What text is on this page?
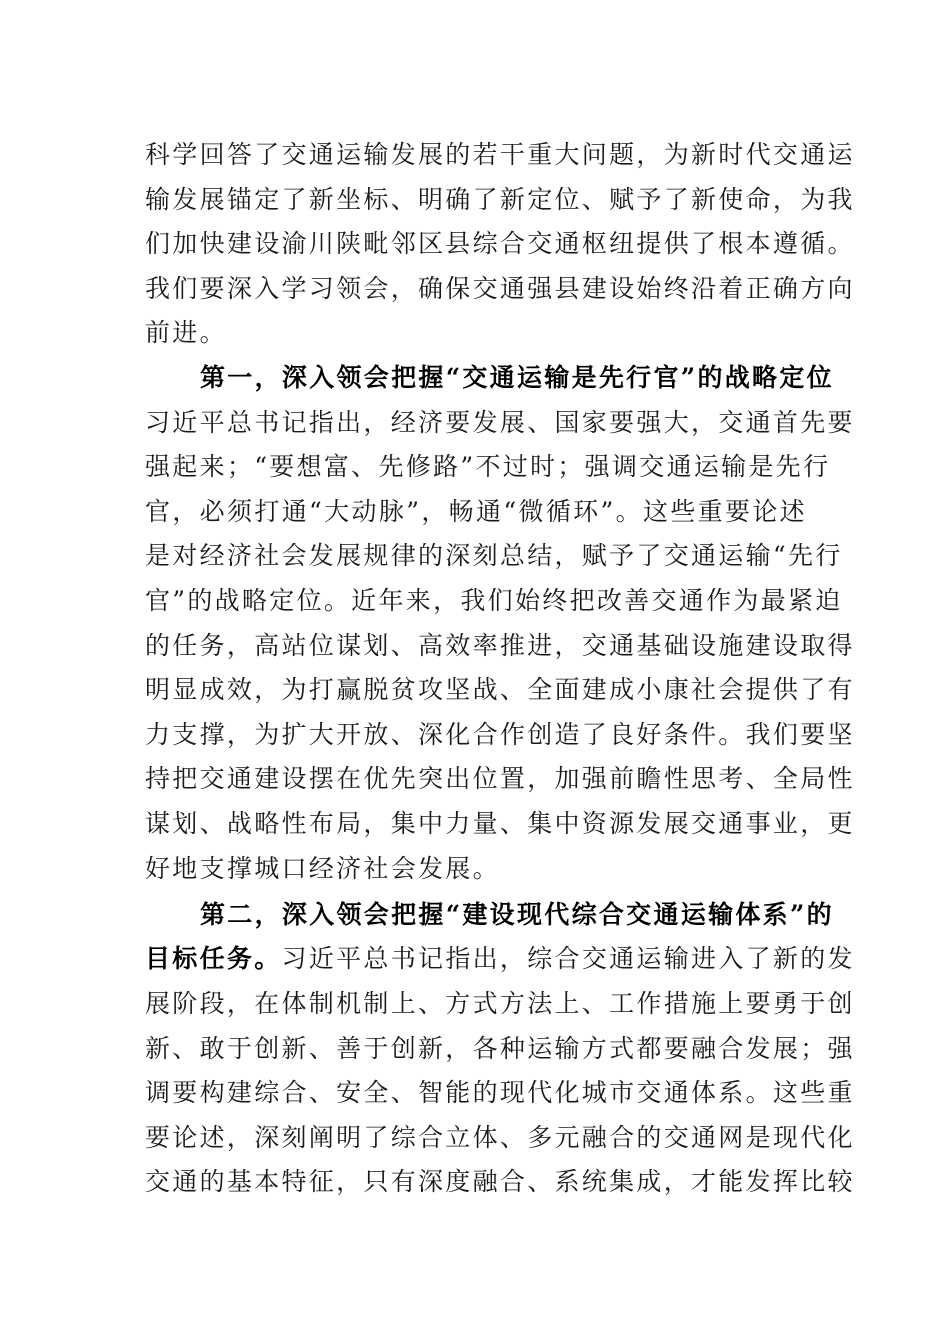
科学回答了交通运输发展的若干重大问题，为新时代交通运
输发展锚定了新坐标、明确了新定位、赋予了新使命，为我
们加快建设渝川陕毗邻区县综合交通枢纽提供了根本遵循。
我们要深入学习领会，确保交通强县建设始终沿着正确方向
前进。
第一，深入领会把握“交通运输是先行官”的战略定位
习近平总书记指出，经济要发展、国家要强大，交通首先要
强起来；“要想富、先修路”不过时；强调交通运输是先行
官，必须打通“大动脉”，畅通“微循环”。这些重要论述
是对经济社会发展规律的深刻总结，赋予了交通运输“先行
官”的战略定位。近年来，我们始终把改善交通作为最紧迫
的任务，高站位谋划、高效率推进，交通基础设施建设取得
明显成效，为打赢脱贫攻坚战、全面建成小康社会提供了有
力支撑，为扩大开放、深化合作创造了良好条件。我们要坚
持把交通建设摆在优先突出位置，加强前瞻性思考、全局性
谋划、战略性布局，集中力量、集中资源发展交通事业，更
好地支撑城口经济社会发展。
第二，深入领会把握“建设现代综合交通运输体系”的
目标任务。习近平总书记指出，综合交通运输进入了新的发
展阶段，在体制机制上、方式方法上、工作措施上要勇于创
新、敢于创新、善于创新，各种运输方式都要融合发展；强
调要构建综合、安全、智能的现代化城市交通体系。这些重
要论述，深刻阐明了综合立体、多元融合的交通网是现代化
交通的基本特征，只有深度融合、系统集成，才能发挥比较
